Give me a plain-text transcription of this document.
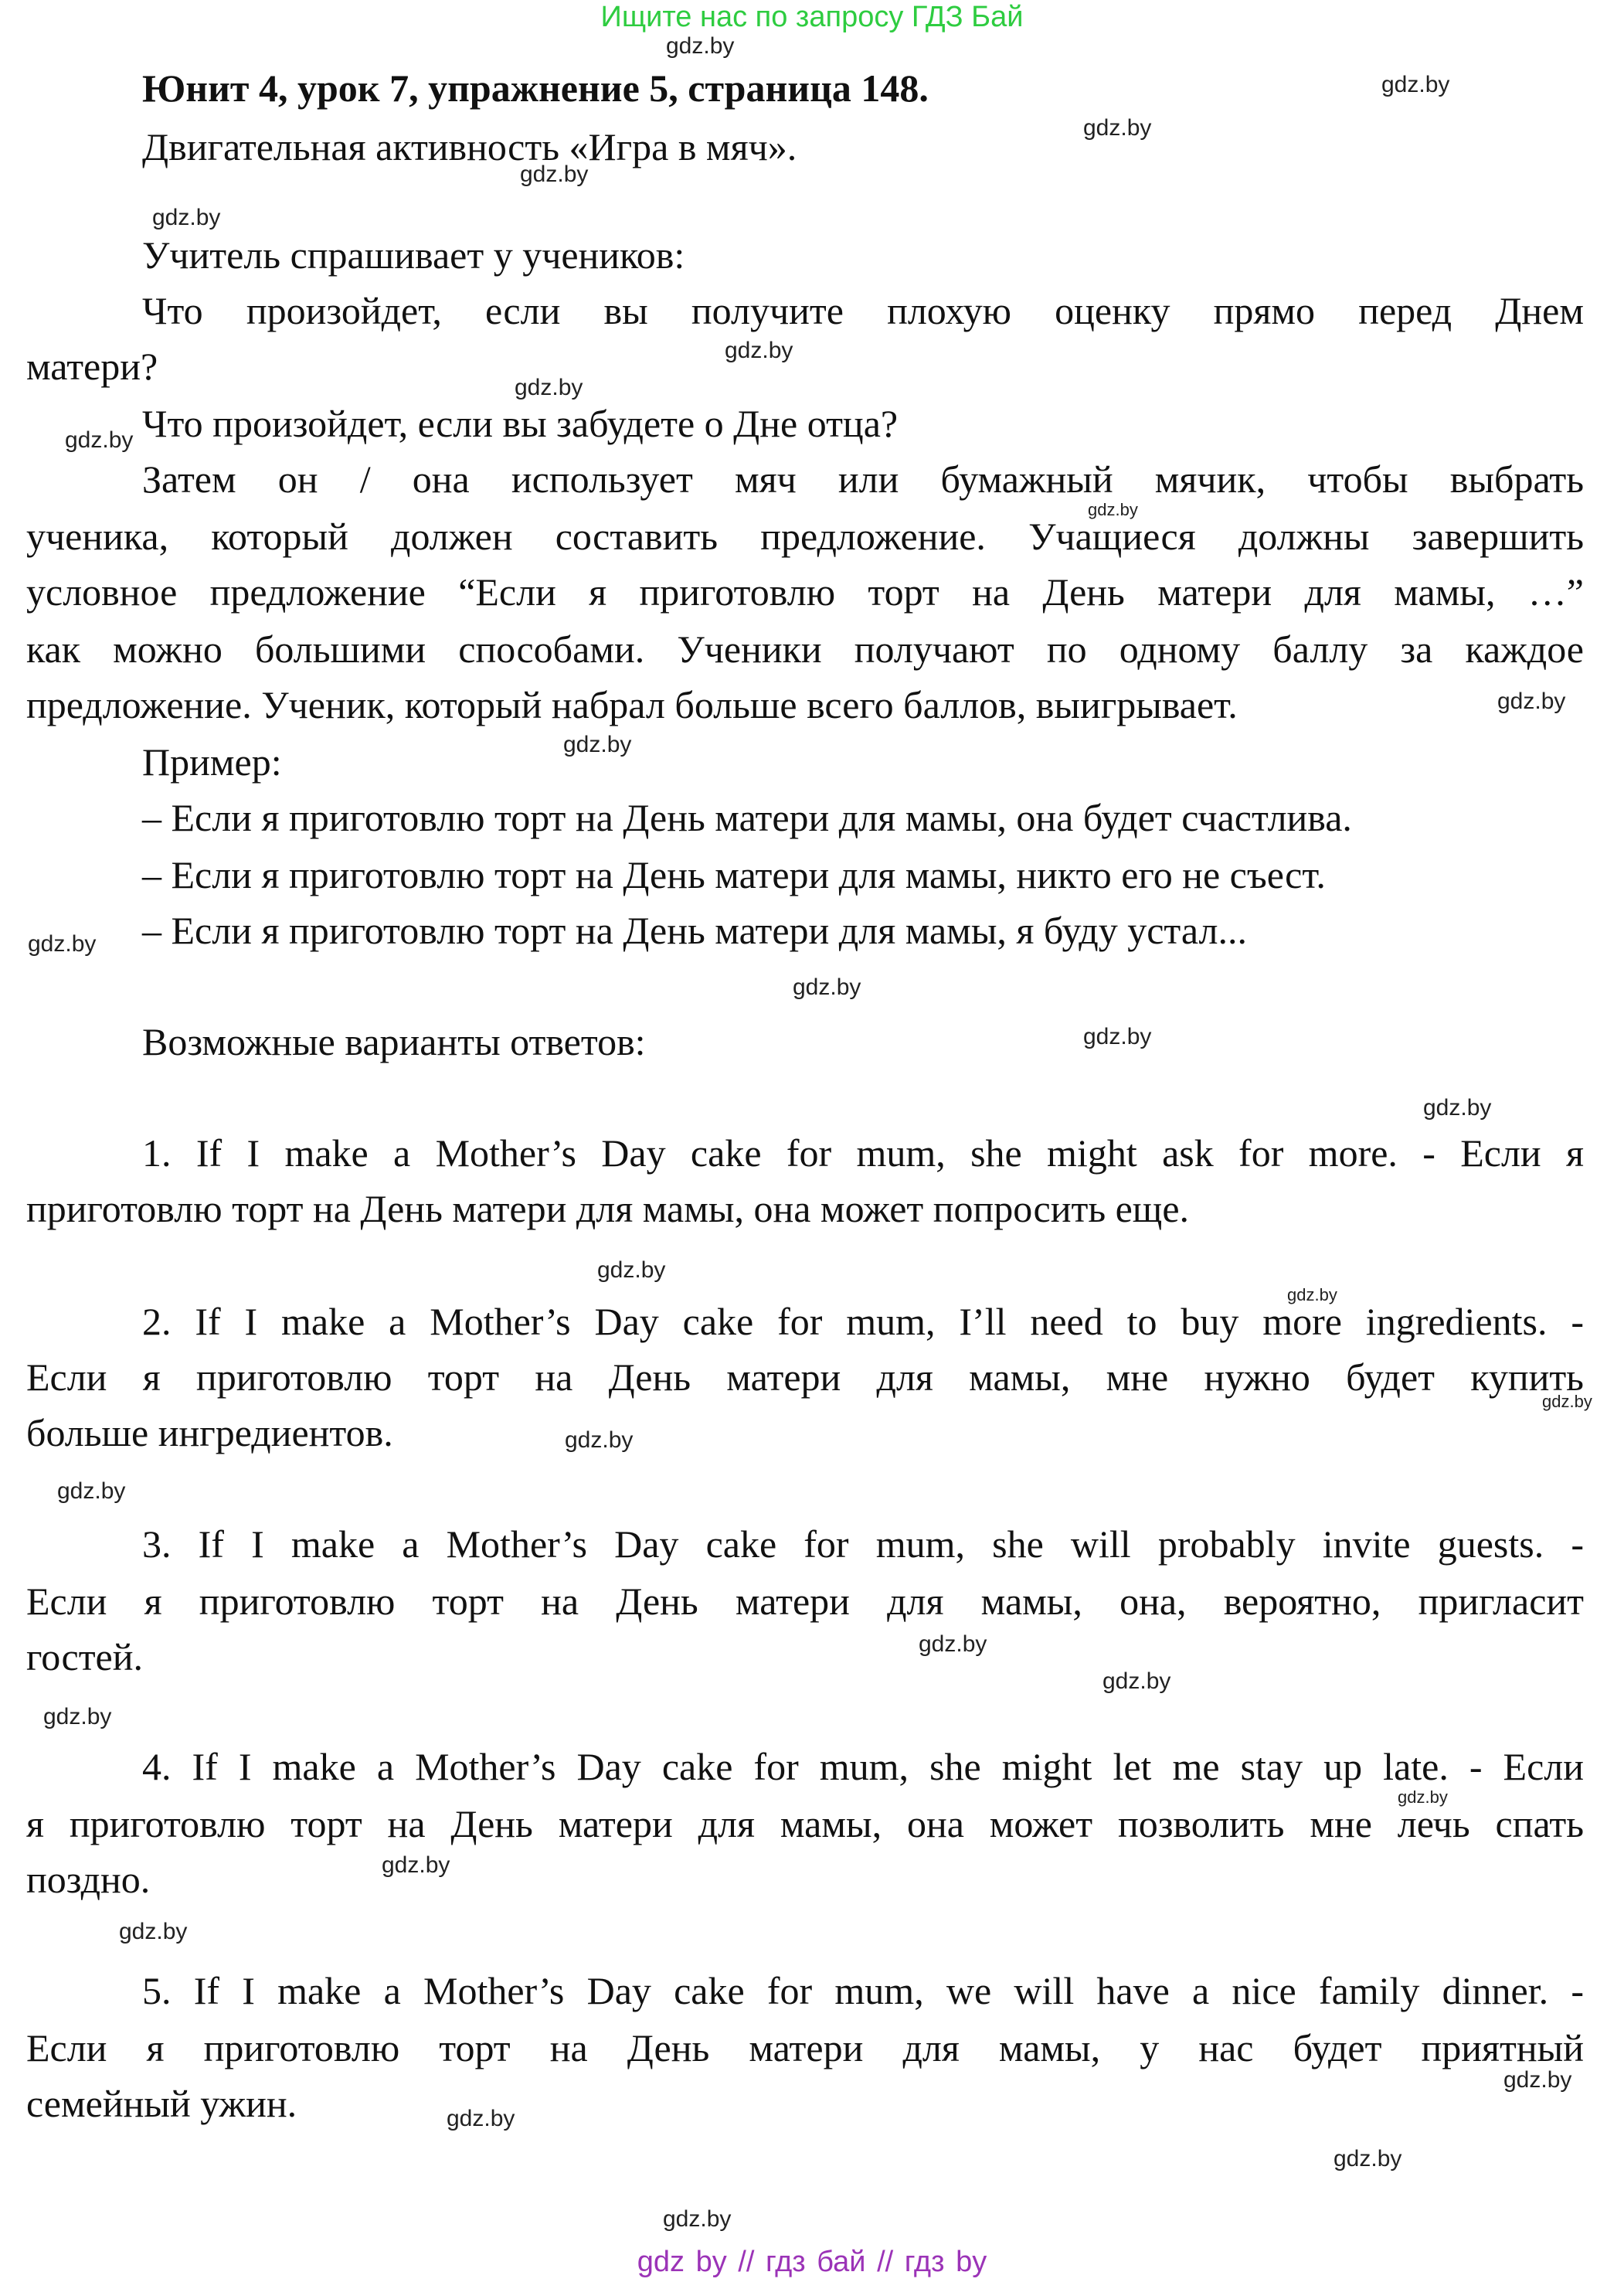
Ищите нас по запросу ГДЗ Бай
gdz.by
gdz.by
gdz.by
gdz.by
gdz.by
gdz.by
gdz.by
gdz.by
gdz.by
gdz.by
gdz.by
gdz.by
gdz.by
gdz.by
gdz.by
gdz.by
gdz.by
gdz.by
gdz.by
gdz.by
gdz.by
gdz.by
gdz.by
gdz.by
gdz.by
gdz.by
gdz.by
gdz.by
gdz.by
gdz.by
Юнит 4, урок 7, упражнение 5, страница 148.
Двигательная активность «Игра в мяч».
Учитель спрашивает у учеников:
Что произойдет, если вы получите плохую оценку прямо перед Днем
матери?
Что произойдет, если вы забудете о Дне отца?
Затем он / она использует мяч или бумажный мячик, чтобы выбрать
ученика, который должен составить предложение. Учащиеся должны завершить
условное предложение “Если я приготовлю торт на День матери для мамы, …”
как можно большими способами. Ученики получают по одному баллу за каждое
предложение. Ученик, который набрал больше всего баллов, выигрывает.
Пример:
– Если я приготовлю торт на День матери для мамы, она будет счастлива.
– Если я приготовлю торт на День матери для мамы, никто его не съест.
– Если я приготовлю торт на День матери для мамы, я буду устал...
Возможные варианты ответов:
1. If I make a Mother’s Day cake for mum, she might ask for more. - Если я
приготовлю торт на День матери для мамы, она может попросить еще.
2. If I make a Mother’s Day cake for mum, I’ll need to buy more ingredients. -
Если я приготовлю торт на День матери для мамы, мне нужно будет купить
больше ингредиентов.
3. If I make a Mother’s Day cake for mum, she will probably invite guests. -
Если я приготовлю торт на День матери для мамы, она, вероятно, пригласит
гостей.
4. If I make a Mother’s Day cake for mum, she might let me stay up late. - Если
я приготовлю торт на День матери для мамы, она может позволить мне лечь спать
поздно.
5. If I make a Mother’s Day cake for mum, we will have a nice family dinner. -
Если я приготовлю торт на День матери для мамы, у нас будет приятный
семейный ужин.
gdz by // гдз бай // гдз by
